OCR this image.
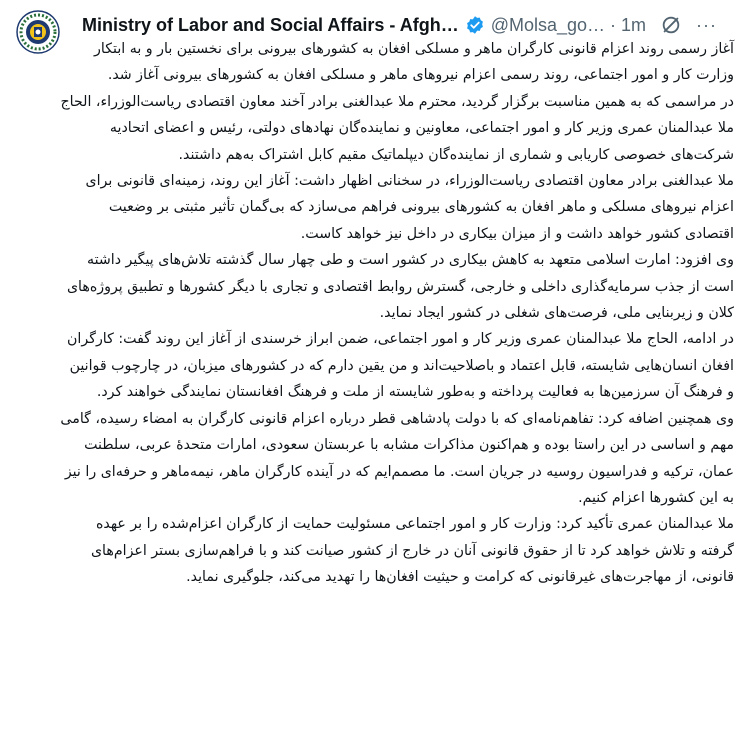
Ministry of Labor and Social Affairs - Afgh… @Molsa_go… · 1m	···

آغاز رسمی روند اعزام قانونی کارگران ماهر و مسلکی افغان به کشورهای بیرونی برای نخستین بار و به ابتکار وزارت کار و امور اجتماعی، روند رسمی اعزام نیروهای ماهر و مسلکی افغان به کشورهای بیرونی آغاز شد.

در مراسمی که به همین مناسبت برگزار گردید، محترم ملا عبدالغنی برادر آخند معاون اقتصادی ریاست‌الوزراء، الحاج ملا عبدالمنان عمری وزیر کار و امور اجتماعی، معاونین و نماینده‌گان نهادهای دولتی، رئیس و اعضای اتحادیه شرکت‌های خصوصی کاریابی و شماری از نماینده‌گان دیپلماتیک مقیم کابل اشتراک به‌هم داشتند.

ملا عبدالغنی برادر معاون اقتصادی ریاست‌الوزراء، در سخنانی اظهار داشت: آغاز این روند، زمینه‌ای قانونی برای اعزام نیروهای مسلکی و ماهر افغان به کشورهای بیرونی فراهم می‌سازد که بی‌گمان تأثیر مثبتی بر وضعیت اقتصادی کشور خواهد داشت و از میزان بیکاری در داخل نیز خواهد کاست.

وی افزود: امارت اسلامی متعهد به کاهش بیکاری در کشور است و طی چهار سال گذشته تلاش‌های پیگیر داشته است از جذب سرمایه‌گذاری داخلی و خارجی، گسترش روابط اقتصادی و تجاری با دیگر کشورها و تطبیق پروژه‌های کلان و زیربنایی ملی، فرصت‌های شغلی در کشور ایجاد نماید.

در ادامه، الحاج ملا عبدالمنان عمری وزیر کار و امور اجتماعی، ضمن ابراز خرسندی از آغاز این روند گفت: کارگران افغان انسان‌هایی شایسته، قابل اعتماد و باصلاحیت‌اند و من یقین دارم که در کشورهای میزبان، در چارچوب قوانین و فرهنگ آن سرزمین‌ها به فعالیت پرداخته و به‌طور شایسته از ملت و فرهنگ افغانستان نمایندگی خواهند کرد.

وی همچنین اضافه کرد: تفاهم‌نامه‌ای که با دولت پادشاهی قطر درباره اعزام قانونی کارگران به امضاء رسیده، گامی مهم و اساسی در این راستا بوده و هم‌اکنون مذاکرات مشابه با عربستان سعودی، امارات متحدهٔ عربی، سلطنت عمان، ترکیه و فدراسیون روسیه در جریان است. ما مصمم‌ایم که در آینده کارگران ماهر، نیمه‌ماهر و حرفه‌ای را نیز به این کشورها اعزام کنیم.

ملا عبدالمنان عمری تأکید کرد: وزارت کار و امور اجتماعی مسئولیت حمایت از کارگران اعزام‌شده را بر عهده گرفته و تلاش خواهد کرد تا از حقوق قانونی آنان در خارج از کشور صیانت کند و با فراهم‌سازی بستر اعزام‌های قانونی، از مهاجرت‌های غیرقانونی که کرامت و حیثیت افغان‌ها را تهدید می‌کند، جلوگیری نماید.
